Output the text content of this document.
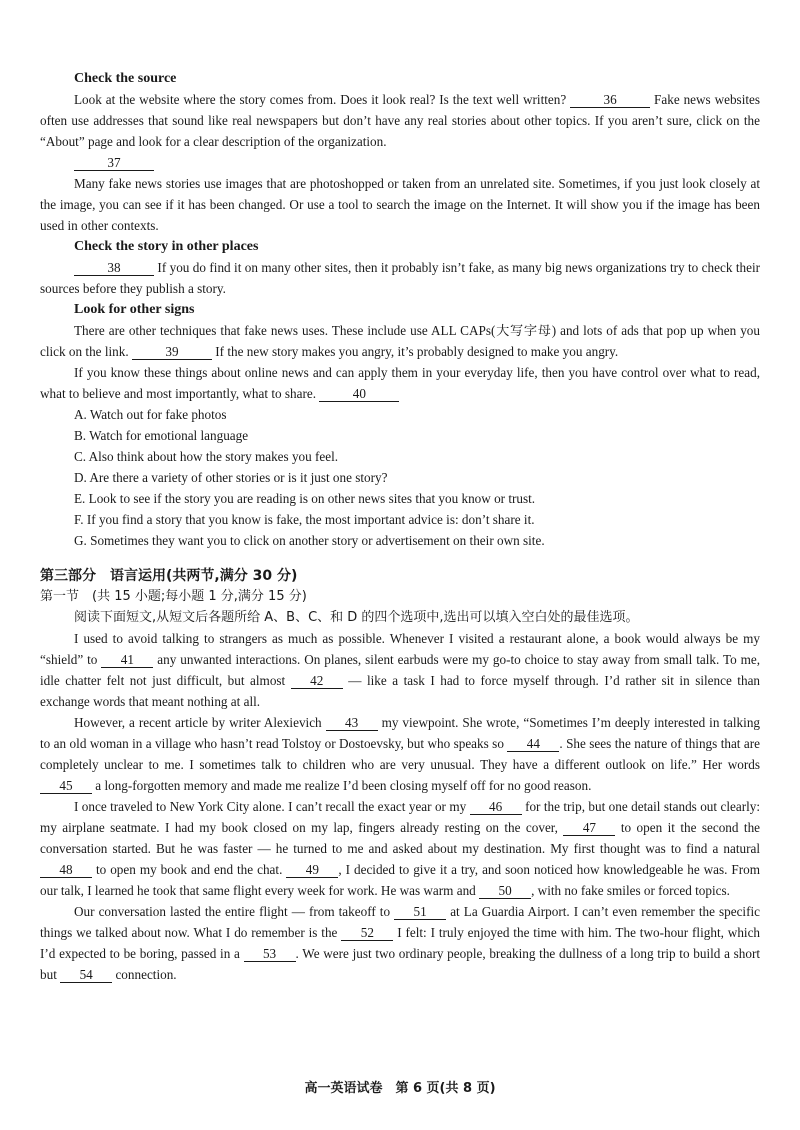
Check the source

Look at the website where the story comes from. Does it look real? Is the text well written?	36	Fake news websites often use addresses that sound like real newspapers but don’t have any real stories about other topics. If you aren’t sure, click on the “About” page and look for a clear description of the organization.

37

Many fake news stories use images that are photoshopped or taken from an unrelated site. Sometimes, if you just look closely at the image, you can see if it has been changed. Or use a tool to search the image on the Internet. It will show you if the image has been used in other contexts.

Check the story in other places

38	If you do find it on many other sites, then it probably isn’t fake, as many big news organizations try to check their sources before they publish a story.

Look for other signs

There are other techniques that fake news uses. These include use ALL CAPs(大写字母) and lots of ads that pop up when you click on the link.	39	If the new story makes you angry, it’s probably designed to make you angry.

If you know these things about online news and can apply them in your everyday life, then you have control over what to read, what to believe and most importantly, what to share.	40

A. Watch out for fake photos
B. Watch for emotional language
C. Also think about how the story makes you feel.
D. Are there a variety of other stories or is it just one story?
E. Look to see if the story you are reading is on other news sites that you know or trust.
F. If you find a story that you know is fake, the most important advice is: don’t share it.
G. Sometimes they want you to click on another story or advertisement on their own site.

第三部分　语言运用(共两节,满分 30 分)

第一节　(共 15 小题;每小题 1 分,满分 15 分)

阅读下面短文,从短文后各题所给 A、B、C、和 D 的四个选项中,选出可以填入空白处的最佳选项。

I used to avoid talking to strangers as much as possible. Whenever I visited a restaurant alone, a book would always be my “shield” to 41 any unwanted interactions. On planes, silent earbuds were my go-to choice to stay away from small talk. To me, idle chatter felt not just difficult, but almost 42 — like a task I had to force myself through. I’d rather sit in silence than exchange words that meant nothing at all.

However, a recent article by writer Alexievich 43 my viewpoint. She wrote, “Sometimes I’m deeply interested in talking to an old woman in a village who hasn’t read Tolstoy or Dostoevsky, but who speaks so 44 . She sees the nature of things that are completely unclear to me. I sometimes talk to children who are very unusual. They have a different outlook on life.” Her words 45 a long-forgotten memory and made me realize I’d been closing myself off for no good reason.

I once traveled to New York City alone. I can’t recall the exact year or my 46 for the trip, but one detail stands out clearly: my airplane seatmate. I had my book closed on my lap, fingers already resting on the cover, 47 to open it the second the conversation started. But he was faster — he turned to me and asked about my destination. My first thought was to find a natural 48 to open my book and end the chat. 49 , I decided to give it a try, and soon noticed how knowledgeable he was. From our talk, I learned he took that same flight every week for work. He was warm and 50 , with no fake smiles or forced topics.

Our conversation lasted the entire flight — from takeoff to 51 at La Guardia Airport. I can’t even remember the specific things we talked about now. What I do remember is the 52 I felt: I truly enjoyed the time with him. The two-hour flight, which I’d expected to be boring, passed in a 53 . We were just two ordinary people, breaking the dullness of a long trip to build a short but 54 connection.

高一英语试卷　第 6 页(共 8 页)
